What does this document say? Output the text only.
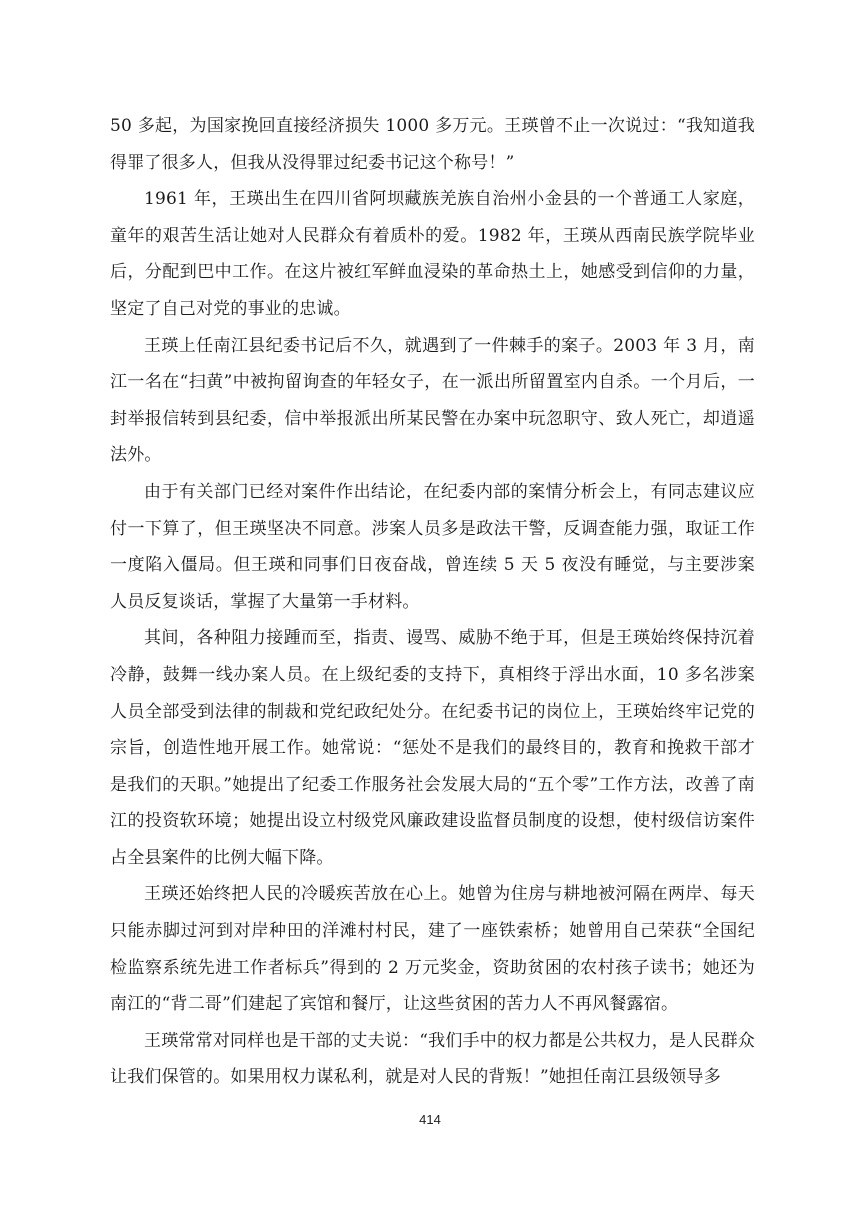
50 多起，为国家挽回直接经济损失 1000 多万元。王瑛曾不止一次说过：“我知道我得罪了很多人，但我从没得罪过纪委书记这个称号！”

1961 年，王瑛出生在四川省阿坝藏族羌族自治州小金县的一个普通工人家庭，童年的艰苦生活让她对人民群众有着质朴的爱。1982 年，王瑛从西南民族学院毕业后，分配到巴中工作。在这片被红军鲜血浸染的革命热土上，她感受到信仰的力量，坚定了自己对党的事业的忠诚。

王瑛上任南江县纪委书记后不久，就遇到了一件棘手的案子。2003 年 3 月，南江一名在“扫黄”中被拘留询查的年轻女子，在一派出所留置室内自杀。一个月后，一封举报信转到县纪委，信中举报派出所某民警在办案中玩忽职守、致人死亡，却逍遥法外。

由于有关部门已经对案件作出结论，在纪委内部的案情分析会上，有同志建议应付一下算了，但王瑛坚决不同意。涉案人员多是政法干警，反调查能力强，取证工作一度陷入僵局。但王瑛和同事们日夜奋战，曾连续 5 天 5 夜没有睡觉，与主要涉案人员反复谈话，掌握了大量第一手材料。

其间，各种阻力接踵而至，指责、谩骂、威胁不绝于耳，但是王瑛始终保持沉着冷静，鼓舞一线办案人员。在上级纪委的支持下，真相终于浮出水面，10 多名涉案人员全部受到法律的制裁和党纪政纪处分。在纪委书记的岗位上，王瑛始终牢记党的宗旨，创造性地开展工作。她常说：“惩处不是我们的最终目的，教育和挽救干部才是我们的天职。”她提出了纪委工作服务社会发展大局的“五个零”工作方法，改善了南江的投资软环境；她提出设立村级党风廉政建设监督员制度的设想，使村级信访案件占全县案件的比例大幅下降。

王瑛还始终把人民的冷暖疾苦放在心上。她曾为住房与耕地被河隔在两岸、每天只能赤脚过河到对岸种田的洋滩村村民，建了一座铁索桥；她曾用自己荣获“全国纪检监察系统先进工作者标兵”得到的 2 万元奖金，资助贫困的农村孩子读书；她还为南江的“背二哥”们建起了宾馆和餐厅，让这些贫困的苦力人不再风餐露宿。

王瑛常常对同样也是干部的丈夫说：“我们手中的权力都是公共权力，是人民群众让我们保管的。如果用权力谋私利，就是对人民的背叛！”她担任南江县级领导多

414
